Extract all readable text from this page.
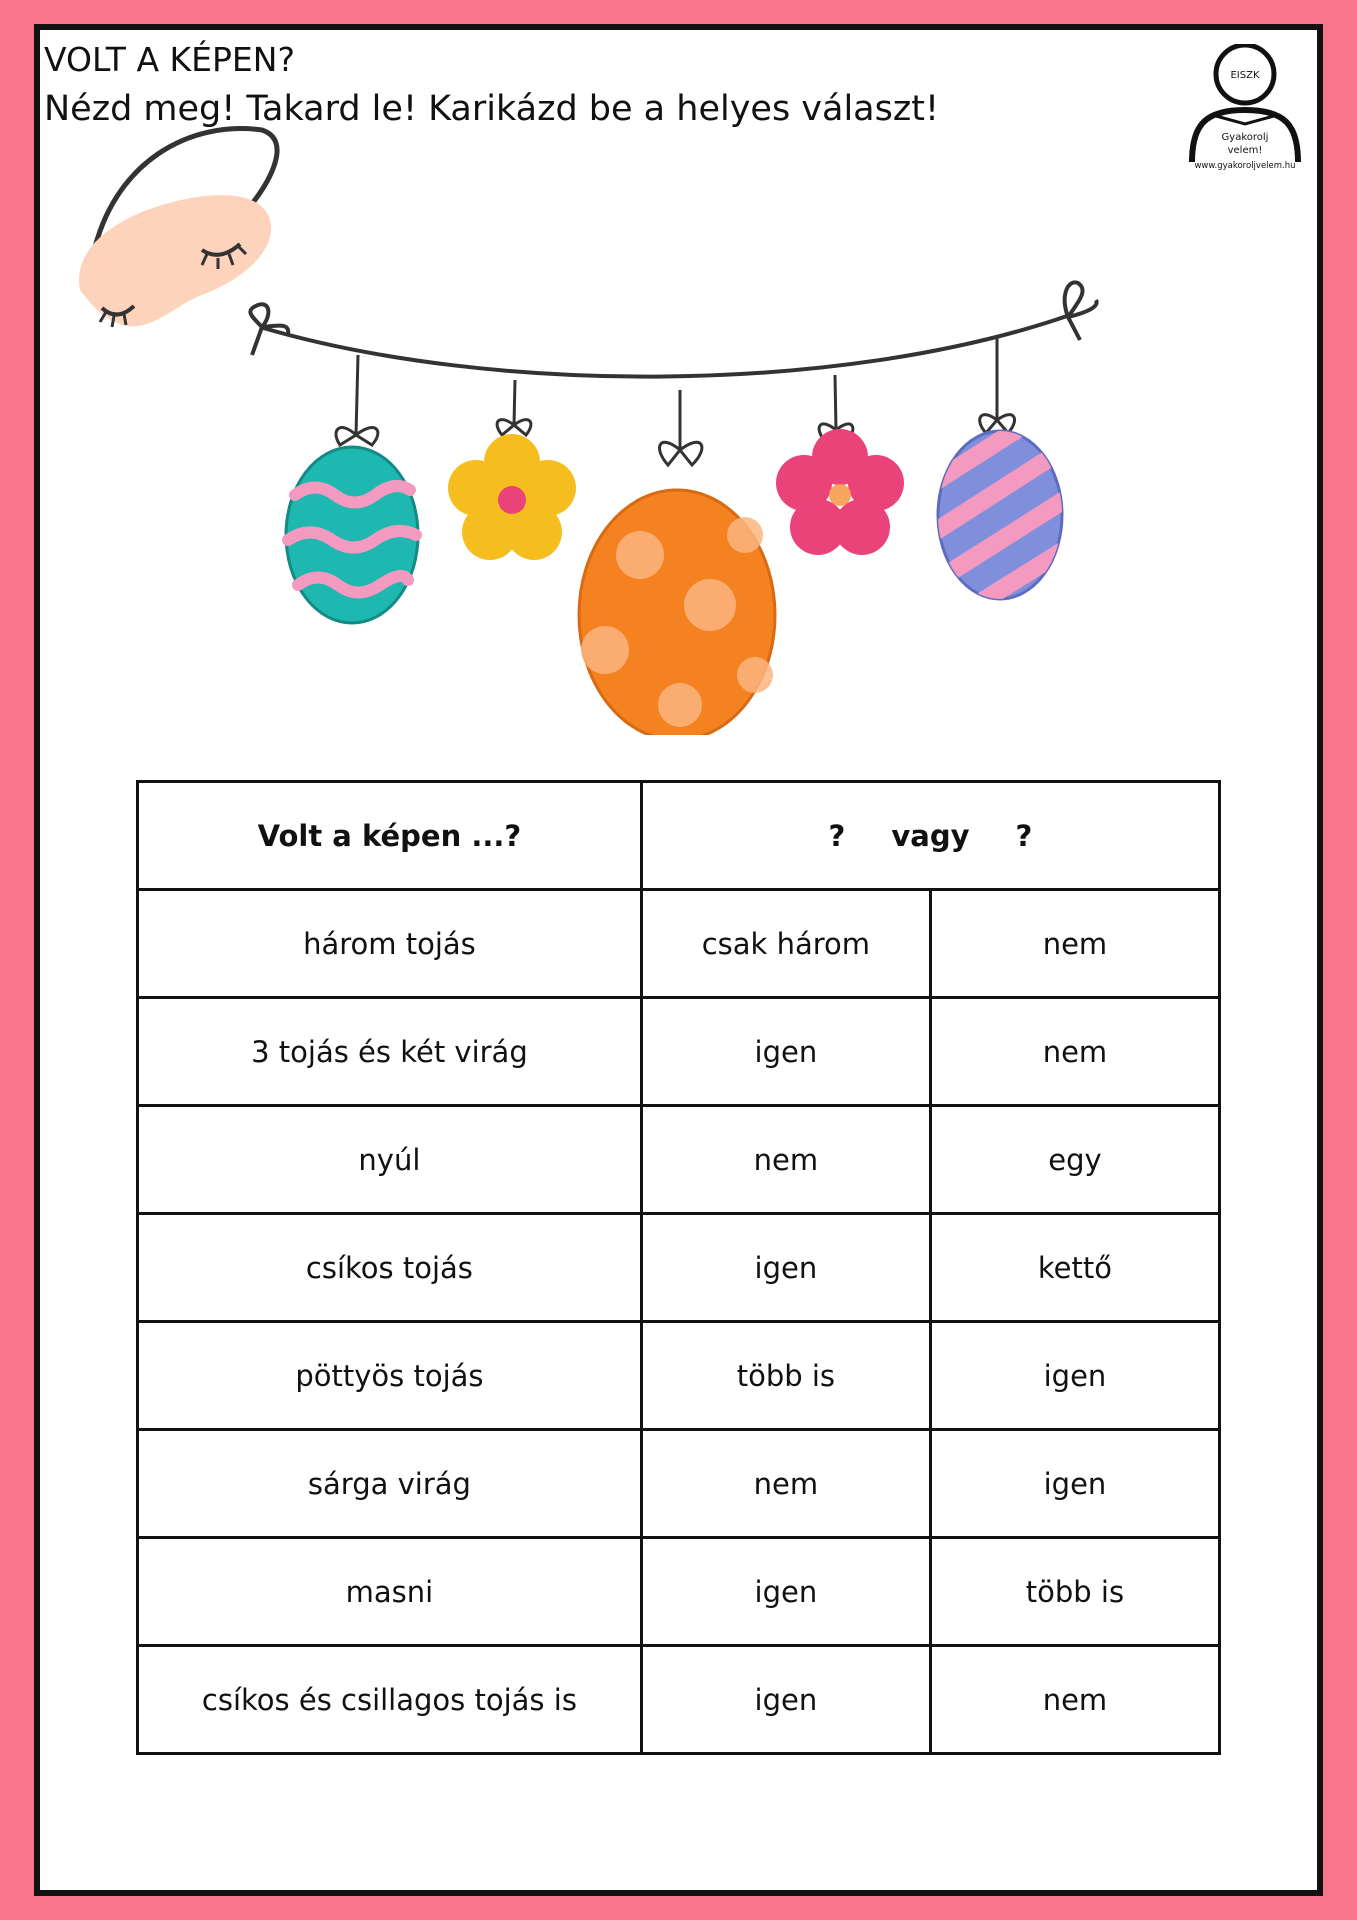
VOLT A KÉPEN?
Nézd meg! Takard le! Karikázd be a helyes választ!
EISZK
Gyakorolj
velem!
www.gyakoroljvelem.hu
Volt a képen ...?	? vagy ?	
három tojás	csak három	nem
3 tojás és két virág	igen	nem
nyúl	nem	egy
csíkos tojás	igen	kettő
pöttyös tojás	több is	igen
sárga virág	nem	igen
masni	igen	több is
csíkos és csillagos tojás is	igen	nem
